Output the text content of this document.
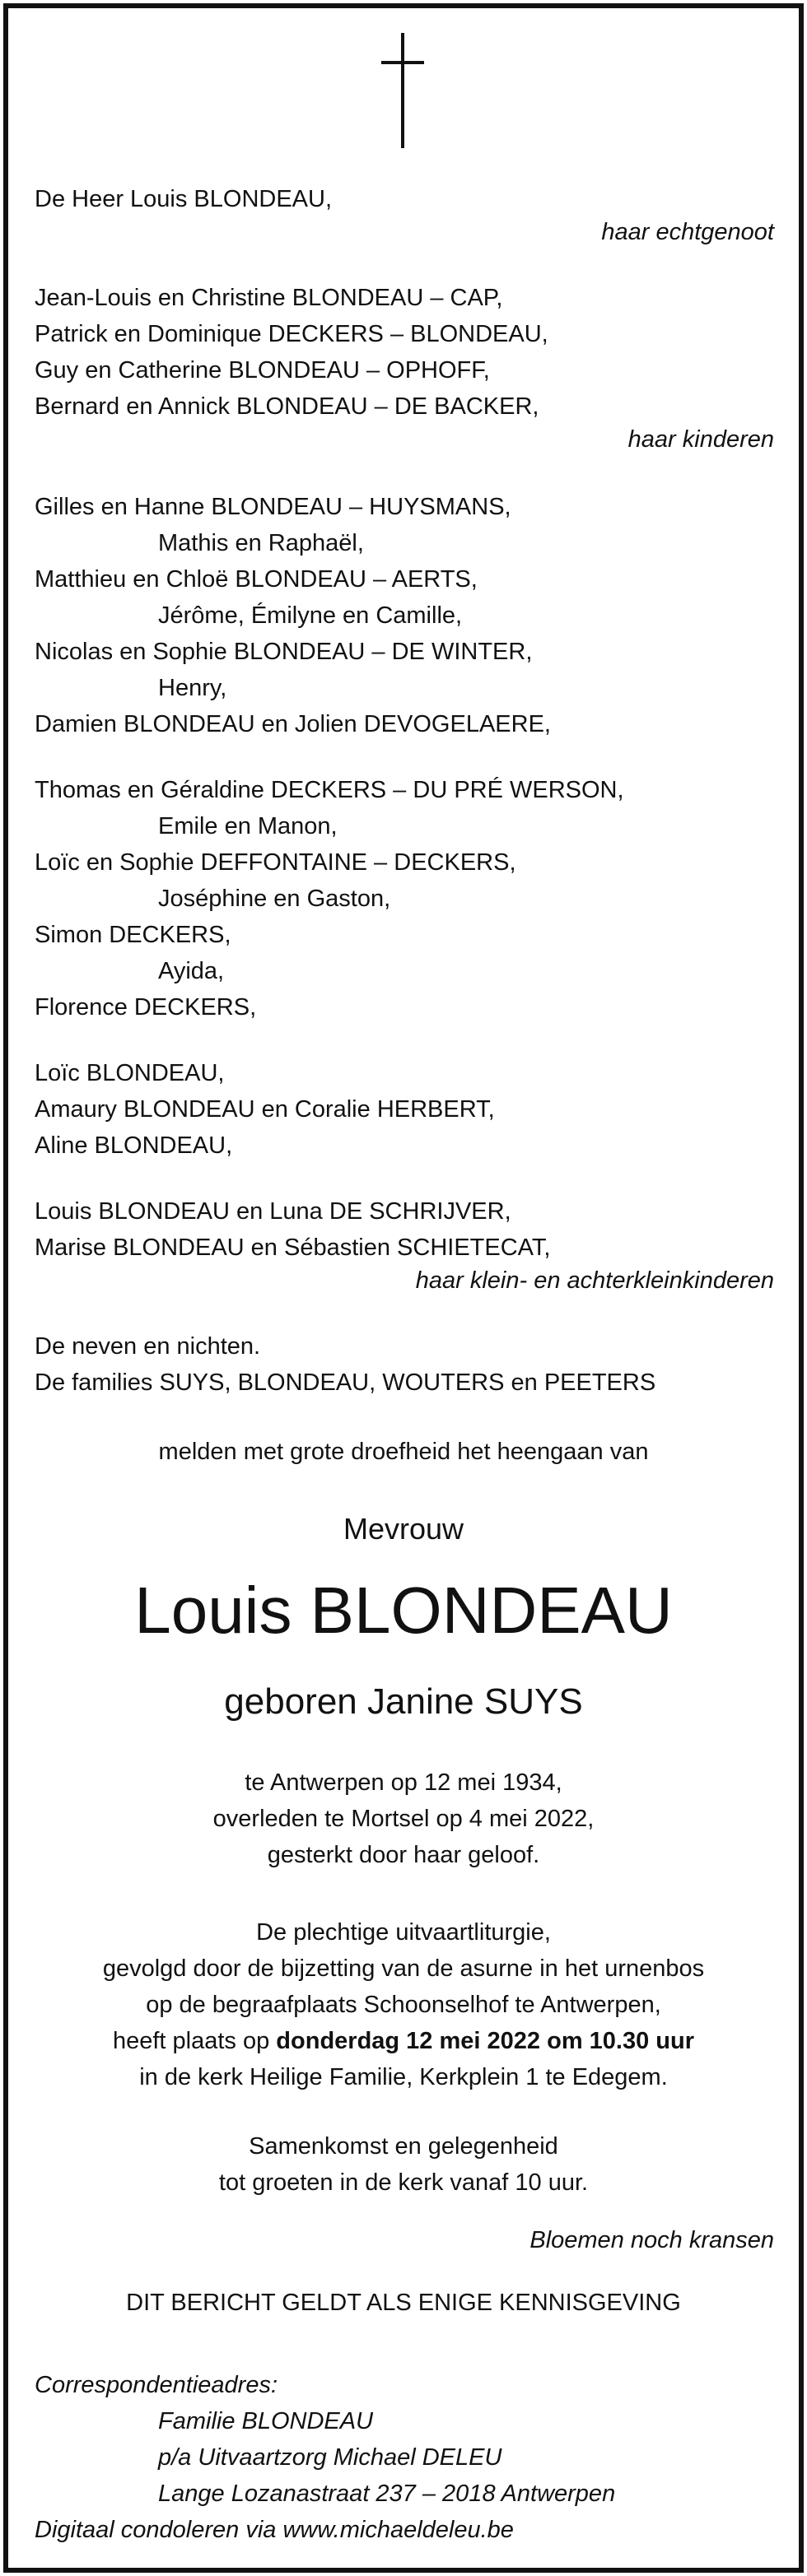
De Heer Louis BLONDEAU,
haar echtgenoot
Jean-Louis en Christine BLONDEAU – CAP,
Patrick en Dominique DECKERS – BLONDEAU,
Guy en Catherine BLONDEAU – OPHOFF,
Bernard en Annick BLONDEAU – DE BACKER,
haar kinderen
Gilles en Hanne BLONDEAU – HUYSMANS,
Mathis en Raphaël,
Matthieu en Chloë BLONDEAU – AERTS,
Jérôme, Émilyne en Camille,
Nicolas en Sophie BLONDEAU – DE WINTER,
Henry,
Damien BLONDEAU en Jolien DEVOGELAERE,
Thomas en Géraldine DECKERS – DU PRÉ WERSON,
Emile en Manon,
Loïc en Sophie DEFFONTAINE – DECKERS,
Joséphine en Gaston,
Simon DECKERS,
Ayida,
Florence DECKERS,
Loïc BLONDEAU,
Amaury BLONDEAU en Coralie HERBERT,
Aline BLONDEAU,
Louis BLONDEAU en Luna DE SCHRIJVER,
Marise BLONDEAU en Sébastien SCHIETECAT,
haar klein- en achterkleinkinderen
De neven en nichten.
De families SUYS, BLONDEAU, WOUTERS en PEETERS
melden met grote droefheid het heengaan van
Mevrouw
Louis BLONDEAU
geboren Janine SUYS
te Antwerpen op 12 mei 1934,
overleden te Mortsel op 4 mei 2022,
gesterkt door haar geloof.
De plechtige uitvaartliturgie,
gevolgd door de bijzetting van de asurne in het urnenbos
op de begraafplaats Schoonselhof te Antwerpen,
heeft plaats op donderdag 12 mei 2022 om 10.30 uur
in de kerk Heilige Familie, Kerkplein 1 te Edegem.
Samenkomst en gelegenheid
tot groeten in de kerk vanaf 10 uur.
Bloemen noch kransen
DIT BERICHT GELDT ALS ENIGE KENNISGEVING
Correspondentieadres:
Familie BLONDEAU
p/a Uitvaartzorg Michael DELEU
Lange Lozanastraat 237 – 2018 Antwerpen
Digitaal condoleren via www.michaeldeleu.be
